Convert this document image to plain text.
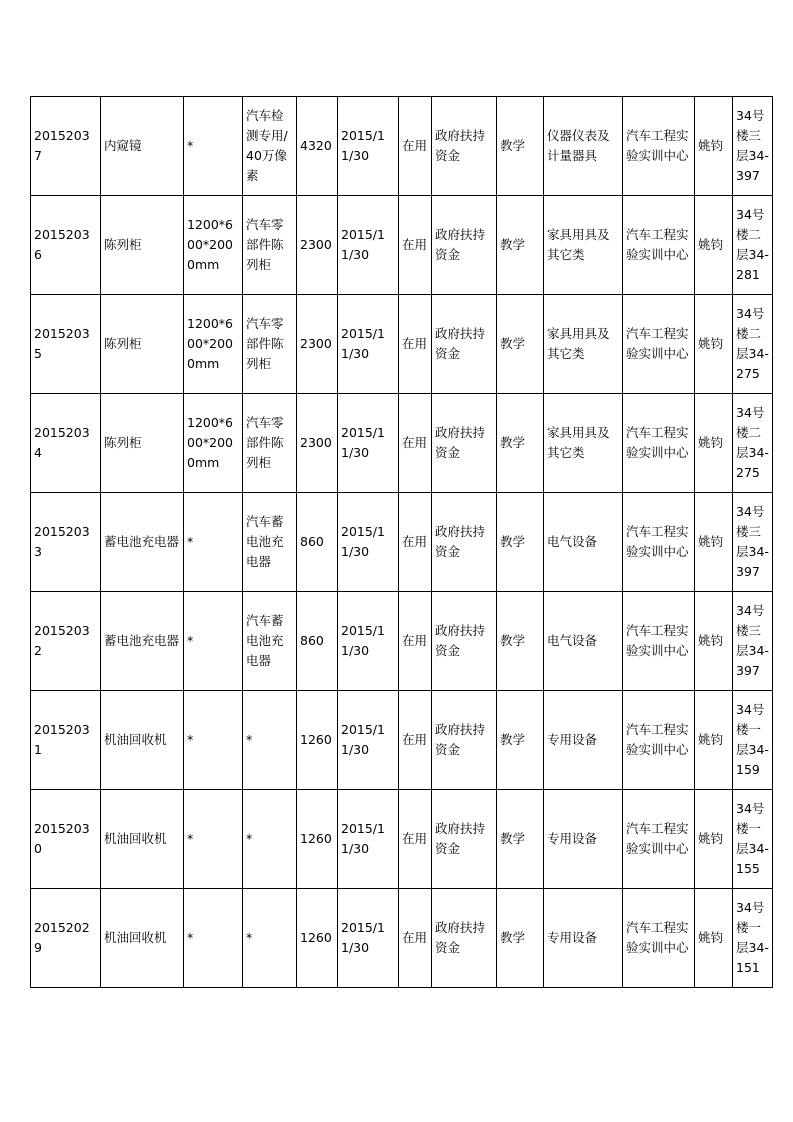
20152037	内窥镜	*	汽车检测专用/40万像素	4320	2015/11/30	在用	政府扶持资金	教学	仪器仪表及计量器具	汽车工程实验实训中心	姚钧	34号楼三层34-397
20152036	陈列柜	1200*600*2000mm	汽车零部件陈列柜	2300	2015/11/30	在用	政府扶持资金	教学	家具用具及其它类	汽车工程实验实训中心	姚钧	34号楼二层34-281
20152035	陈列柜	1200*600*2000mm	汽车零部件陈列柜	2300	2015/11/30	在用	政府扶持资金	教学	家具用具及其它类	汽车工程实验实训中心	姚钧	34号楼二层34-275
20152034	陈列柜	1200*600*2000mm	汽车零部件陈列柜	2300	2015/11/30	在用	政府扶持资金	教学	家具用具及其它类	汽车工程实验实训中心	姚钧	34号楼二层34-275
20152033	蓄电池充电器	*	汽车蓄电池充电器	860	2015/11/30	在用	政府扶持资金	教学	电气设备	汽车工程实验实训中心	姚钧	34号楼三层34-397
20152032	蓄电池充电器	*	汽车蓄电池充电器	860	2015/11/30	在用	政府扶持资金	教学	电气设备	汽车工程实验实训中心	姚钧	34号楼三层34-397
20152031	机油回收机	*	*	1260	2015/11/30	在用	政府扶持资金	教学	专用设备	汽车工程实验实训中心	姚钧	34号楼一层34-159
20152030	机油回收机	*	*	1260	2015/11/30	在用	政府扶持资金	教学	专用设备	汽车工程实验实训中心	姚钧	34号楼一层34-155
20152029	机油回收机	*	*	1260	2015/11/30	在用	政府扶持资金	教学	专用设备	汽车工程实验实训中心	姚钧	34号楼一层34-151
